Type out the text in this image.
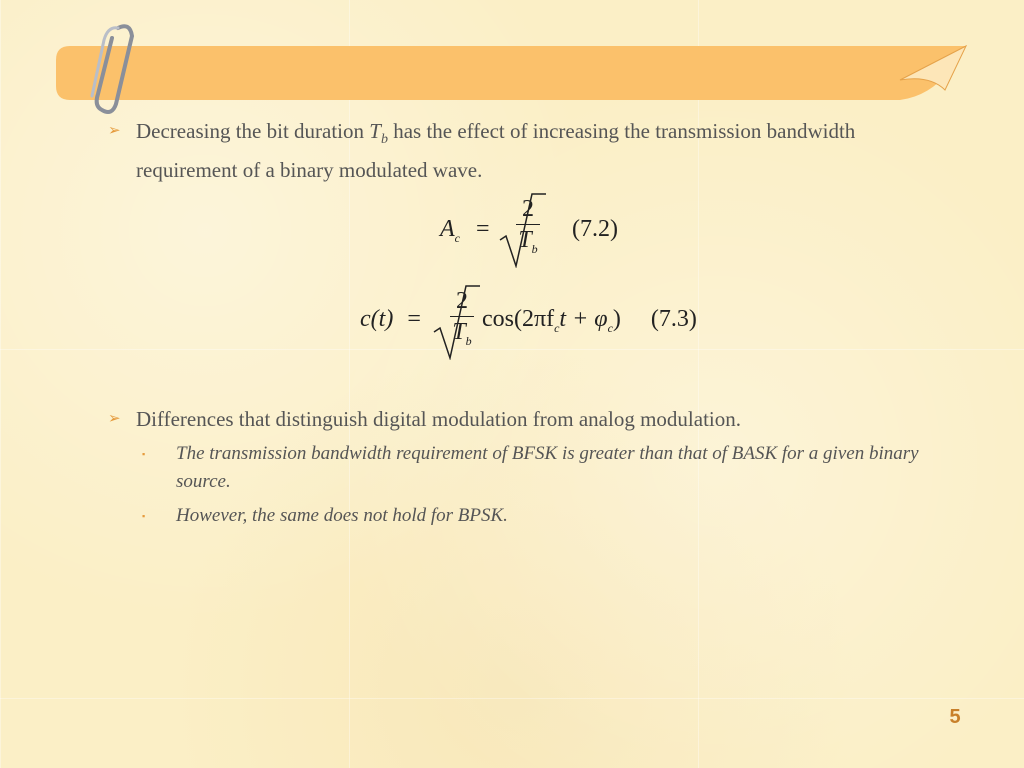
➢ Decreasing the bit duration $T_b$ has the effect of increasing the transmission bandwidth requirement of a binary modulated wave.
$A_c = \frac{2}{T_b} (7.2)$
$c(t) = \frac{2}{T_b} \cos(2\pi f_ct + \varphi_c)$ (7.3)
➢ Differences that distinguish digital modulation from analog modulation.
▪	The transmission bandwidth requirement of BFSK is greater than that of BASK for a given binary source.
▪	However, the same does not hold for BPSK.
5
